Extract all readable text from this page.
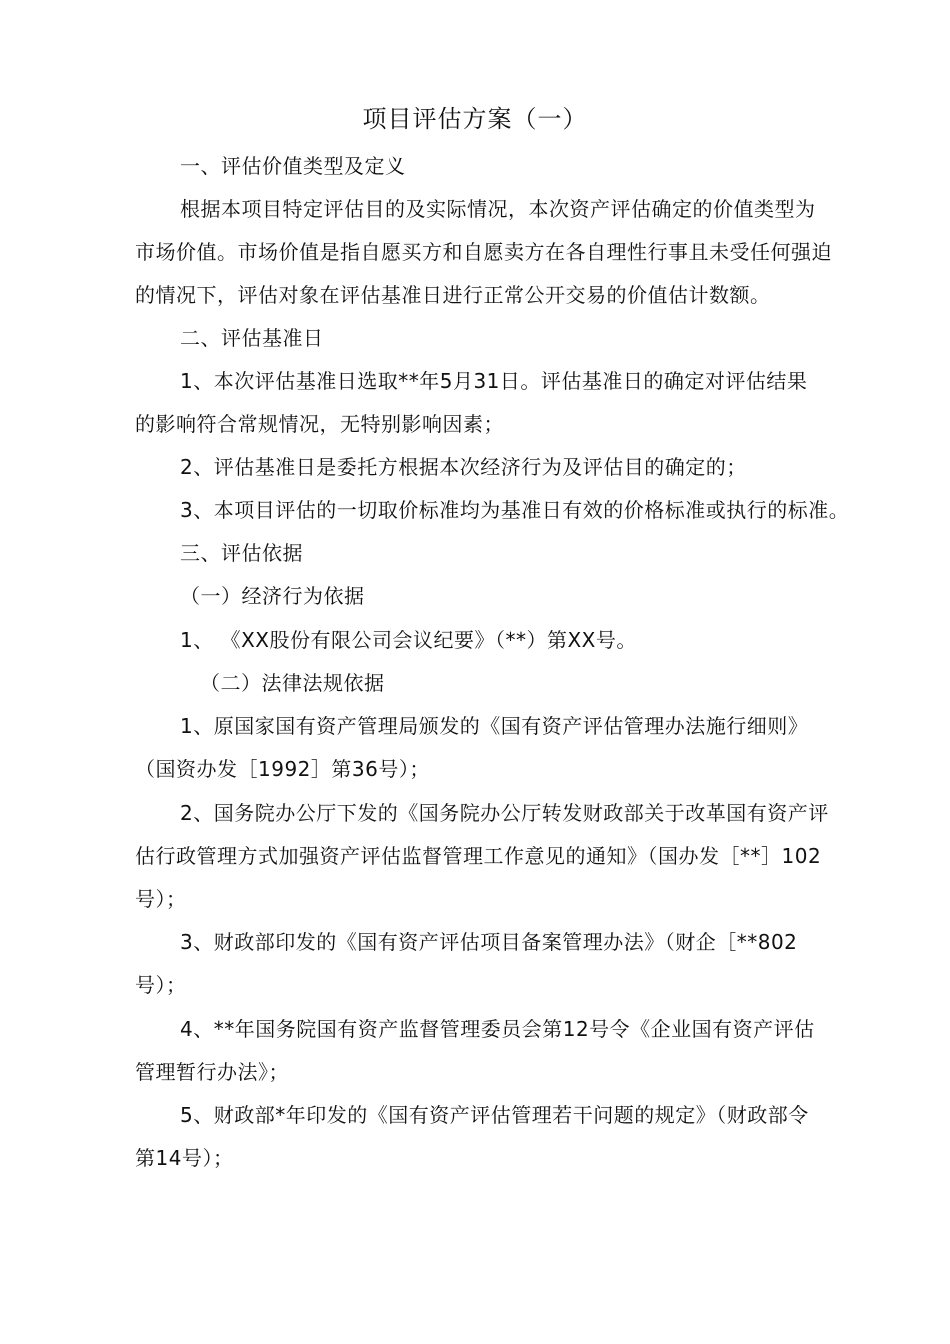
项目评估方案（一）
一、评估价值类型及定义
根据本项目特定评估目的及实际情况，本次资产评估确定的价值类型为
市场价值。市场价值是指自愿买方和自愿卖方在各自理性行事且未受任何强迫
的情况下，评估对象在评估基准日进行正常公开交易的价值估计数额。
二、评估基准日
1、本次评估基准日选取**年5月31日。评估基准日的确定对评估结果
的影响符合常规情况，无特别影响因素；
2、评估基准日是委托方根据本次经济行为及评估目的确定的；
3、本项目评估的一切取价标准均为基准日有效的价格标准或执行的标准。
三、评估依据
（一）经济行为依据
1、 《XX股份有限公司会议纪要》（**）第XX号。
（二）法律法规依据
1、原国家国有资产管理局颁发的《国有资产评估管理办法施行细则》
（国资办发［1992］第36号）；
2、国务院办公厅下发的《国务院办公厅转发财政部关于改革国有资产评
估行政管理方式加强资产评估监督管理工作意见的通知》（国办发［**］102
号）；
3、财政部印发的《国有资产评估项目备案管理办法》（财企［**802
号）；
4、**年国务院国有资产监督管理委员会第12号令《企业国有资产评估
管理暂行办法》；
5、财政部*年印发的《国有资产评估管理若干问题的规定》（财政部令
第14号）；
